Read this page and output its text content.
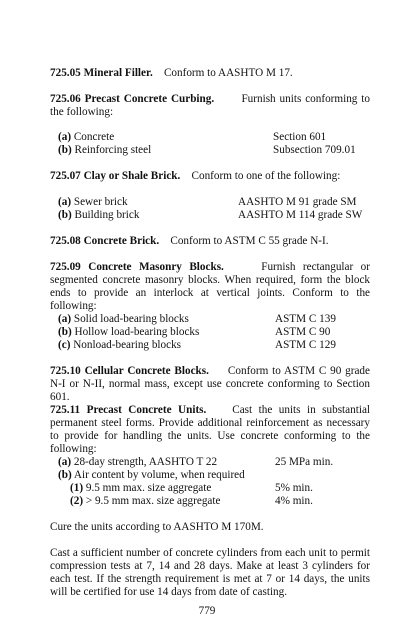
725.05 Mineral Filler. Conform to AASHTO M 17.

725.06 Precast Concrete Curbing. Furnish units conforming to the following:

(a) Concrete	Section 601
(b) Reinforcing steel	Subsection 709.01

725.07 Clay or Shale Brick. Conform to one of the following:

(a) Sewer brick	AASHTO M 91 grade SM
(b) Building brick	AASHTO M 114 grade SW

725.08 Concrete Brick. Conform to ASTM C 55 grade N-I.

725.09 Concrete Masonry Blocks.	Furnish rectangular or segmented concrete masonry blocks. When required, form the block ends to provide an interlock at vertical joints. Conform to the following:

(a) Solid load-bearing blocks	ASTM C 139
(b) Hollow load-bearing blocks	ASTM C 90
(c) Nonload-bearing blocks	ASTM C 129

725.10 Cellular Concrete Blocks. Conform to ASTM C 90 grade N-I or N-II, normal mass, except use concrete conforming to Section 601.

725.11 Precast Concrete Units. Cast the units in substantial permanent steel forms. Provide additional reinforcement as necessary to provide for handling the units. Use concrete conforming to the following:

(a) 28-day strength, AASHTO T 22	25 MPa min.
(b) Air content by volume, when required
(1) 9.5 mm max. size aggregate	5% min.
(2) > 9.5 mm max. size aggregate	4% min.

Cure the units according to AASHTO M 170M.

Cast a sufficient number of concrete cylinders from each unit to permit compression tests at 7, 14 and 28 days. Make at least 3 cylinders for each test. If the strength requirement is met at 7 or 14 days, the units will be certified for use 14 days from date of casting.

779
